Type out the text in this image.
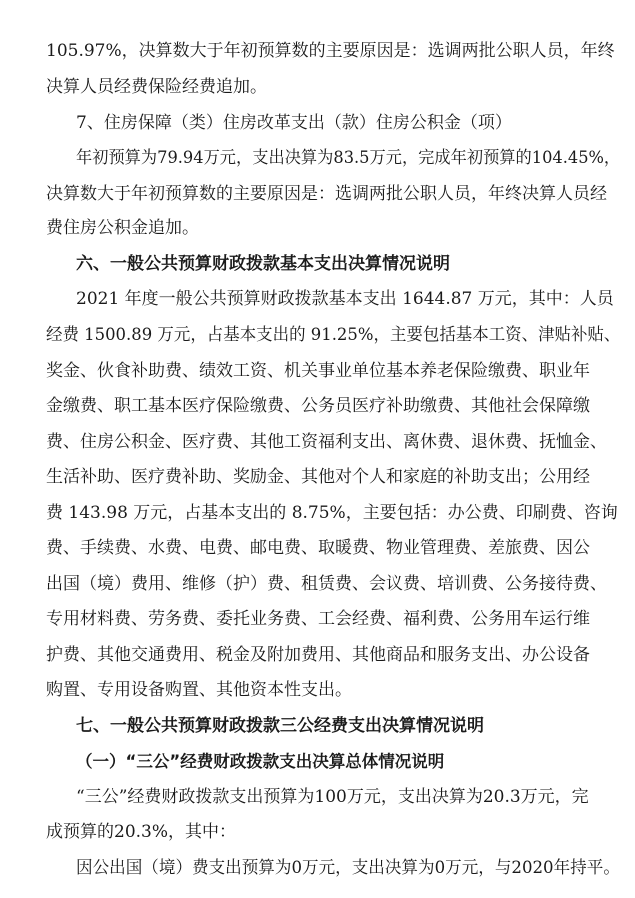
105.97%，决算数大于年初预算数的主要原因是：选调两批公职人员，年终
决算人员经费保险经费追加。
7、住房保障（类）住房改革支出（款）住房公积金（项）
年初预算为79.94万元，支出决算为83.5万元，完成年初预算的104.45%，
决算数大于年初预算数的主要原因是：选调两批公职人员，年终决算人员经
费住房公积金追加。
六、一般公共预算财政拨款基本支出决算情况说明
2021 年度一般公共预算财政拨款基本支出 1644.87 万元，其中：人员
经费 1500.89 万元，占基本支出的 91.25%，主要包括基本工资、津贴补贴、
奖金、伙食补助费、绩效工资、机关事业单位基本养老保险缴费、职业年
金缴费、职工基本医疗保险缴费、公务员医疗补助缴费、其他社会保障缴
费、住房公积金、医疗费、其他工资福利支出、离休费、退休费、抚恤金、
生活补助、医疗费补助、奖励金、其他对个人和家庭的补助支出；公用经
费 143.98 万元，占基本支出的 8.75%，主要包括：办公费、印刷费、咨询
费、手续费、水费、电费、邮电费、取暖费、物业管理费、差旅费、因公
出国（境）费用、维修（护）费、租赁费、会议费、培训费、公务接待费、
专用材料费、劳务费、委托业务费、工会经费、福利费、公务用车运行维
护费、其他交通费用、税金及附加费用、其他商品和服务支出、办公设备
购置、专用设备购置、其他资本性支出。
七、一般公共预算财政拨款三公经费支出决算情况说明
（一）“三公”经费财政拨款支出决算总体情况说明
“三公”经费财政拨款支出预算为100万元，支出决算为20.3万元，完
成预算的20.3%，其中：
因公出国（境）费支出预算为0万元，支出决算为0万元，与2020年持平。
